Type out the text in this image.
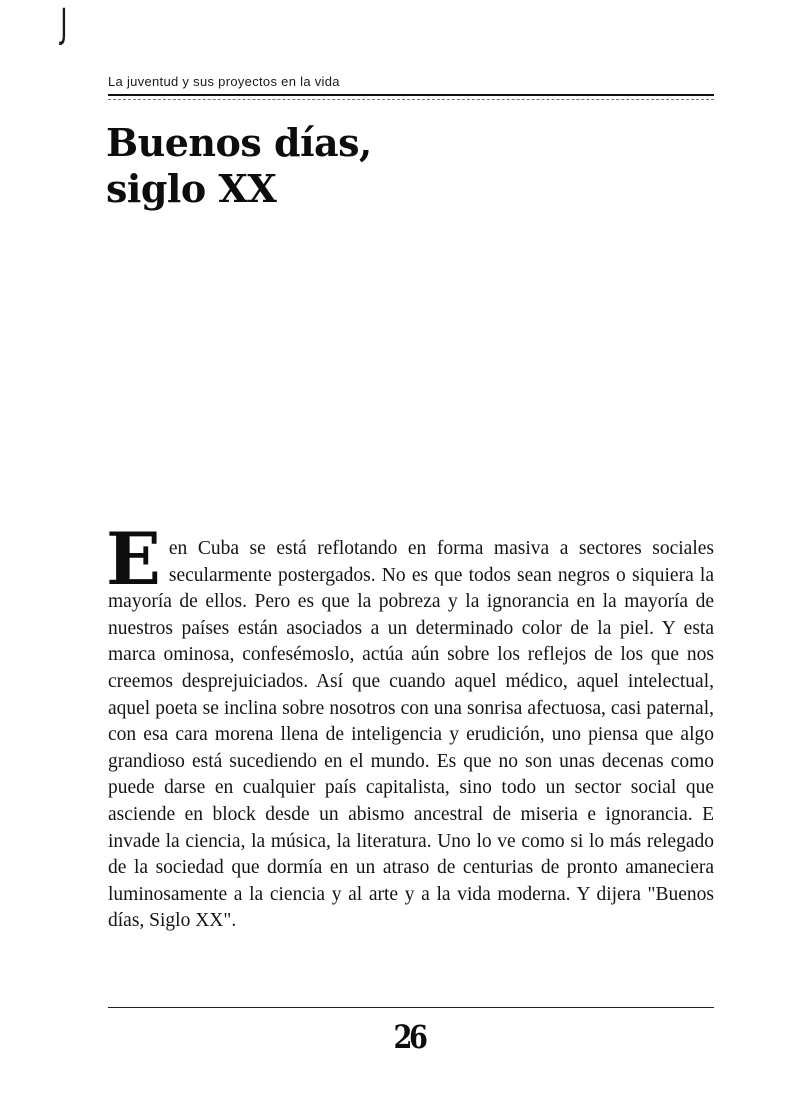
J
La juventud y sus proyectos en la vida
Buenos días,
siglo XX

Een Cuba se está reflotando en forma masiva a sectores sociales secularmente postergados. No es que todos sean negros o siquiera la mayoría de ellos. Pero es que la pobreza y la ignorancia en la mayoría de nuestros países están asociados a un determinado color de la piel. Y esta marca ominosa, confesémoslo, actúa aún sobre los reflejos de los que nos creemos desprejuiciados. Así que cuando aquel médico, aquel intelectual, aquel poeta se inclina sobre nosotros con una sonrisa afectuosa, casi paternal, con esa cara morena llena de inteligencia y erudición, uno piensa que algo grandioso está sucediendo en el mundo. Es que no son unas decenas como puede darse en cualquier país capitalista, sino todo un sector social que asciende en block desde un abismo ancestral de miseria e ignorancia. E invade la ciencia, la música, la literatura. Uno lo ve como si lo más relegado de la sociedad que dormía en un atraso de centurias de pronto amaneciera luminosamente a la ciencia y al arte y a la vida moderna. Y dijera "Buenos días, Siglo XX".

26
